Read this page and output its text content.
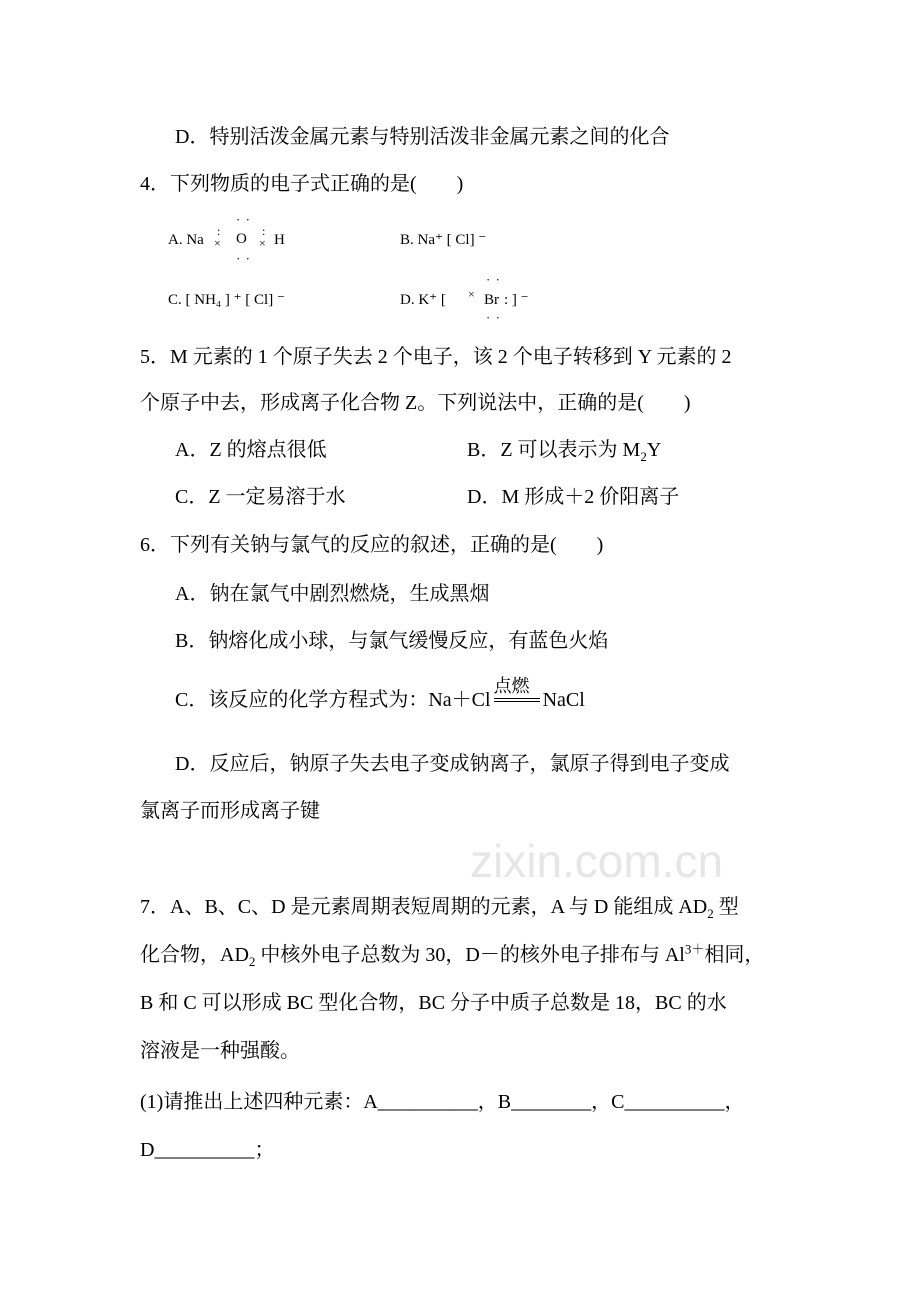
zixin.com.cn
D．特别活泼金属元素与特别活泼非金属元素之间的化合
4．下列物质的电子式正确的是(　　)
A. Na
:
×
· ·
O
· ·
:
× H	B. Na⁺ [ Cl] ⁻
C. [ NH₄ ] ⁺ [ Cl] ⁻	D. K⁺ [ ×
· ·
Br
· ·
: ] ⁻
5．M 元素的 1 个原子失去 2 个电子，该 2 个电子转移到 Y 元素的 2
个原子中去，形成离子化合物 Z。下列说法中，正确的是(　　)
A．Z 的熔点很低	B．Z 可以表示为 $M_2Y$
C．Z 一定易溶于水	D．M 形成＋2 价阳离子
6．下列有关钠与氯气的反应的叙述，正确的是(　　)
A．钠在氯气中剧烈燃烧，生成黑烟
B．钠熔化成小球，与氯气缓慢反应，有蓝色火焰
C．该反应的化学方程式为：Na＋Cl
点燃
NaCl
D．反应后，钠原子失去电子变成钠离子，氯原子得到电子变成
氯离子而形成离子键
7．A、B、C、D 是元素周期表短周期的元素，A 与 D 能组成 $AD_2$ 型
化合物，$AD_2$ 中核外电子总数为 30，D－的核外电子排布与 $Al^{3+}$相同，
B 和 C 可以形成 BC 型化合物，BC 分子中质子总数是 18，BC 的水
溶液是一种强酸。
(1)请推出上述四种元素：A__________，B________，C__________，
D__________；
